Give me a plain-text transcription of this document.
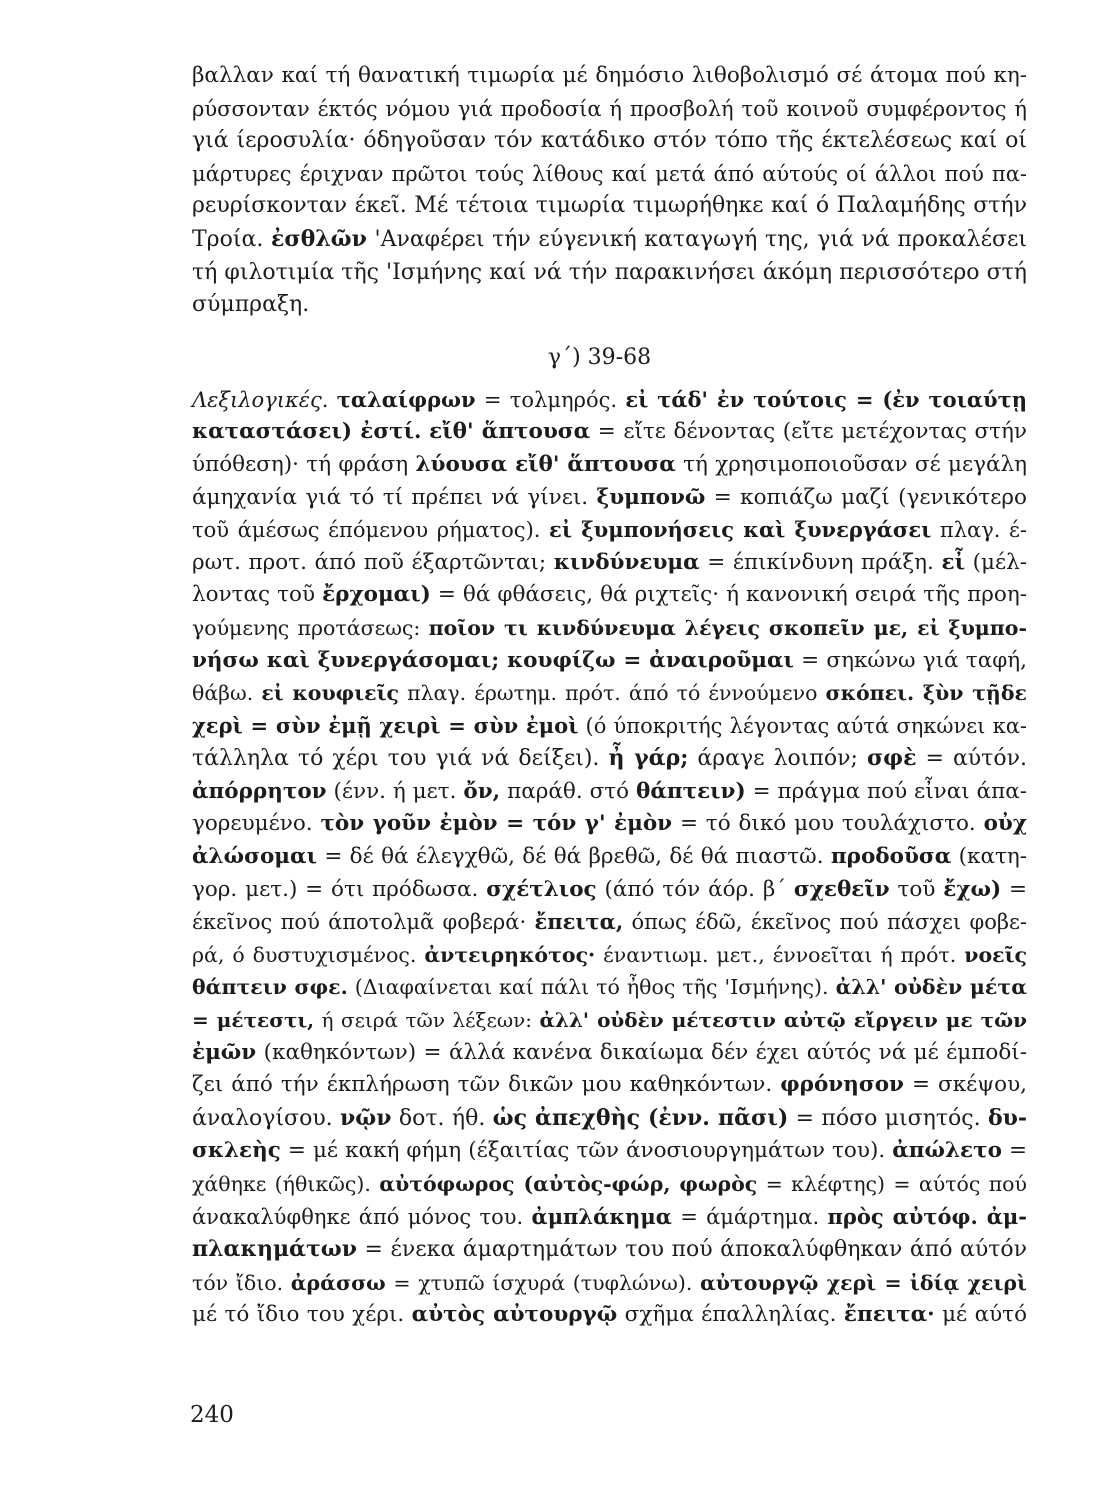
βαλλαν καί τή θανατική τιμωρία μέ δημόσιο λιθοβολισμό σέ άτομα πού κη-
ρύσσονταν έκτός νόμου γιά προδοσία ή προσβολή τοῦ κοινοῦ συμφέροντος ή
γιά ίεροσυλία· όδηγοῦσαν τόν κατάδικο στόν τόπο τῆς έκτελέσεως καί οί
μάρτυρες έριχναν πρῶτοι τούς λίθους καί μετά άπό αύτούς οί άλλοι πού πα-
ρευρίσκονταν έκεῖ. Μέ τέτοια τιμωρία τιμωρήθηκε καί ό Παλαμήδης στήν
Τροία. ἐσθλῶν 'Αναφέρει τήν εύγενική καταγωγή της, γιά νά προκαλέσει
τή φιλοτιμία τῆς 'Ισμήνης καί νά τήν παρακινήσει άκόμη περισσότερο στή
σύμπραξη.

γ´) 39-68

Λεξιλογικές. ταλαίφρων = τολμηρός. εἰ τάδ' ἐν τούτοις = (ἐν τοιαύτῃ
καταστάσει) ἐστί. εἴθ' ἅπτουσα = εἴτε δένοντας (εἴτε μετέχοντας στήν
ύπόθεση)· τή φράση λύουσα εἴθ' ἅπτουσα τή χρησιμοποιοῦσαν σέ μεγάλη
άμηχανία γιά τό τί πρέπει νά γίνει. ξυμπονῶ = κοπιάζω μαζί (γενικότερο
τοῦ άμέσως έπόμενου ρήματος). εἰ ξυμπονήσεις καὶ ξυνεργάσει πλαγ. έ-
ρωτ. προτ. άπό ποῦ έξαρτῶνται; κινδύνευμα = έπικίνδυνη πράξη. εἶ (μέλ-
λοντας τοῦ ἔρχομαι) = θά φθάσεις, θά ριχτεῖς· ή κανονική σειρά τῆς προη-
γούμενης προτάσεως: ποῖον τι κινδύνευμα λέγεις σκοπεῖν με, εἰ ξυμπο-
νήσω καὶ ξυνεργάσομαι; κουφίζω = ἀναιροῦμαι = σηκώνω γιά ταφή,
θάβω. εἰ κουφιεῖς πλαγ. έρωτημ. πρότ. άπό τό έννούμενο σκόπει. ξὺν τῇδε
χερὶ = σὺν ἐμῇ χειρὶ = σὺν ἐμοὶ (ό ύποκριτής λέγοντας αύτά σηκώνει κα-
τάλληλα τό χέρι του γιά νά δείξει). ἦ γάρ; άραγε λοιπόν; σφὲ = αύτόν.
ἀπόρρητον (ένν. ή μετ. ὄν, παράθ. στό θάπτειν) = πράγμα πού εἶναι άπα-
γορευμένο. τὸν γοῦν ἐμὸν = τόν γ' ἐμὸν = τό δικό μου τουλάχιστο. οὐχ
ἀλώσομαι = δέ θά έλεγχθῶ, δέ θά βρεθῶ, δέ θά πιαστῶ. προδοῦσα (κατη-
γορ. μετ.) = ότι πρόδωσα. σχέτλιος (άπό τόν άόρ. β´ σχεθεῖν τοῦ ἔχω) =
έκεῖνος πού άποτολμᾶ φοβερά· ἔπειτα, όπως έδῶ, έκεῖνος πού πάσχει φοβε-
ρά, ό δυστυχισμένος. ἀντειρηκότος· έναντιωμ. μετ., έννοεῖται ή πρότ. νοεῖς
θάπτειν σφε. (Διαφαίνεται καί πάλι τό ἦθος τῆς 'Ισμήνης). ἀλλ' οὐδὲν μέτα
= μέτεστι, ή σειρά τῶν λέξεων: ἀλλ' οὐδὲν μέτεστιν αὐτῷ εἴργειν με τῶν
ἐμῶν (καθηκόντων) = άλλά κανένα δικαίωμα δέν έχει αύτός νά μέ έμποδί-
ζει άπό τήν έκπλήρωση τῶν δικῶν μου καθηκόντων. φρόνησον = σκέψου,
άναλογίσου. νῷν δοτ. ήθ. ὡς ἀπεχθὴς (ἐνν. πᾶσι) = πόσο μισητός. δυ-
σκλεὴς = μέ κακή φήμη (έξαιτίας τῶν άνοσιουργημάτων του). ἀπώλετο =
χάθηκε (ήθικῶς). αὐτόφωρος (αὐτὸς-φώρ, φωρὸς = κλέφτης) = αύτός πού
άνακαλύφθηκε άπό μόνος του. ἀμπλάκημα = άμάρτημα. πρὸς αὐτόφ. ἀμ-
πλακημάτων = ένεκα άμαρτημάτων του πού άποκαλύφθηκαν άπό αύτόν
τόν ἴδιο. ἀράσσω = χτυπῶ ίσχυρά (τυφλώνω). αὐτουργῷ χερὶ = ἰδίᾳ χειρὶ
μέ τό ἴδιο του χέρι. αὐτὸς αὐτουργῷ σχῆμα έπαλληλίας. ἔπειτα· μέ αύτό

240
